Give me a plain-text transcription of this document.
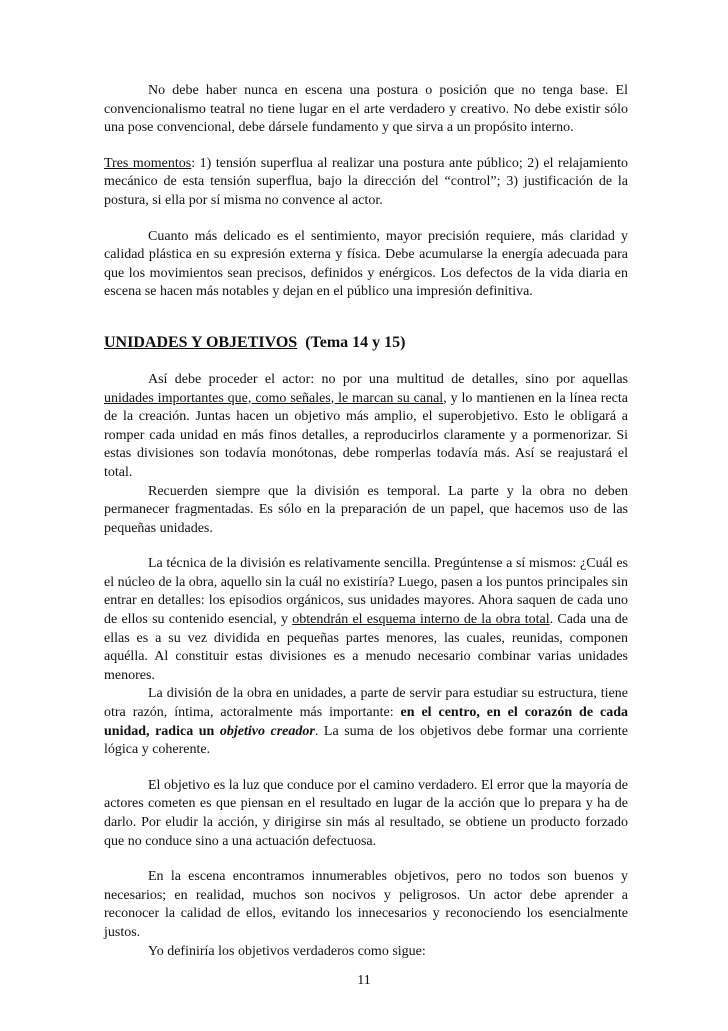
No debe haber nunca en escena una postura o posición que no tenga base. El convencionalismo teatral no tiene lugar en el arte verdadero y creativo. No debe existir sólo una pose convencional, debe dársele fundamento y que sirva a un propósito interno.

Tres momentos: 1) tensión superflua al realizar una postura ante público; 2) el relajamiento mecánico de esta tensión superflua, bajo la dirección del “control”; 3) justificación de la postura, si ella por sí misma no convence al actor.

Cuanto más delicado es el sentimiento, mayor precisión requiere, más claridad y calidad plástica en su expresión externa y física. Debe acumularse la energía adecuada para que los movimientos sean precisos, definidos y enérgicos. Los defectos de la vida diaria en escena se hacen más notables y dejan en el público una impresión definitiva.

UNIDADES Y OBJETIVOS (Tema 14 y 15)

Así debe proceder el actor: no por una multitud de detalles, sino por aquellas unidades importantes que, como señales, le marcan su canal, y lo mantienen en la línea recta de la creación. Juntas hacen un objetivo más amplio, el superobjetivo. Esto le obligará a romper cada unidad en más finos detalles, a reproducirlos claramente y a pormenorizar. Si estas divisiones son todavía monótonas, debe romperlas todavía más. Así se reajustará el total.

Recuerden siempre que la división es temporal. La parte y la obra no deben permanecer fragmentadas. Es sólo en la preparación de un papel, que hacemos uso de las pequeñas unidades.

La técnica de la división es relativamente sencilla. Pregúntense a sí mismos: ¿Cuál es el núcleo de la obra, aquello sin la cuál no existiría? Luego, pasen a los puntos principales sin entrar en detalles: los episodios orgánicos, sus unidades mayores. Ahora saquen de cada uno de ellos su contenido esencial, y obtendrán el esquema interno de la obra total. Cada una de ellas es a su vez dividida en pequeñas partes menores, las cuales, reunidas, componen aquélla. Al constituir estas divisiones es a menudo necesario combinar varias unidades menores.

La división de la obra en unidades, a parte de servir para estudiar su estructura, tiene otra razón, íntima, actoralmente más importante: en el centro, en el corazón de cada unidad, radica un objetivo creador. La suma de los objetivos debe formar una corriente lógica y coherente.

El objetivo es la luz que conduce por el camino verdadero. El error que la mayoría de actores cometen es que piensan en el resultado en lugar de la acción que lo prepara y ha de darlo. Por eludir la acción, y dirigirse sin más al resultado, se obtiene un producto forzado que no conduce sino a una actuación defectuosa.

En la escena encontramos innumerables objetivos, pero no todos son buenos y necesarios; en realidad, muchos son nocivos y peligrosos. Un actor debe aprender a reconocer la calidad de ellos, evitando los innecesarios y reconociendo los esencialmente justos.

Yo definiría los objetivos verdaderos como sigue:

11
